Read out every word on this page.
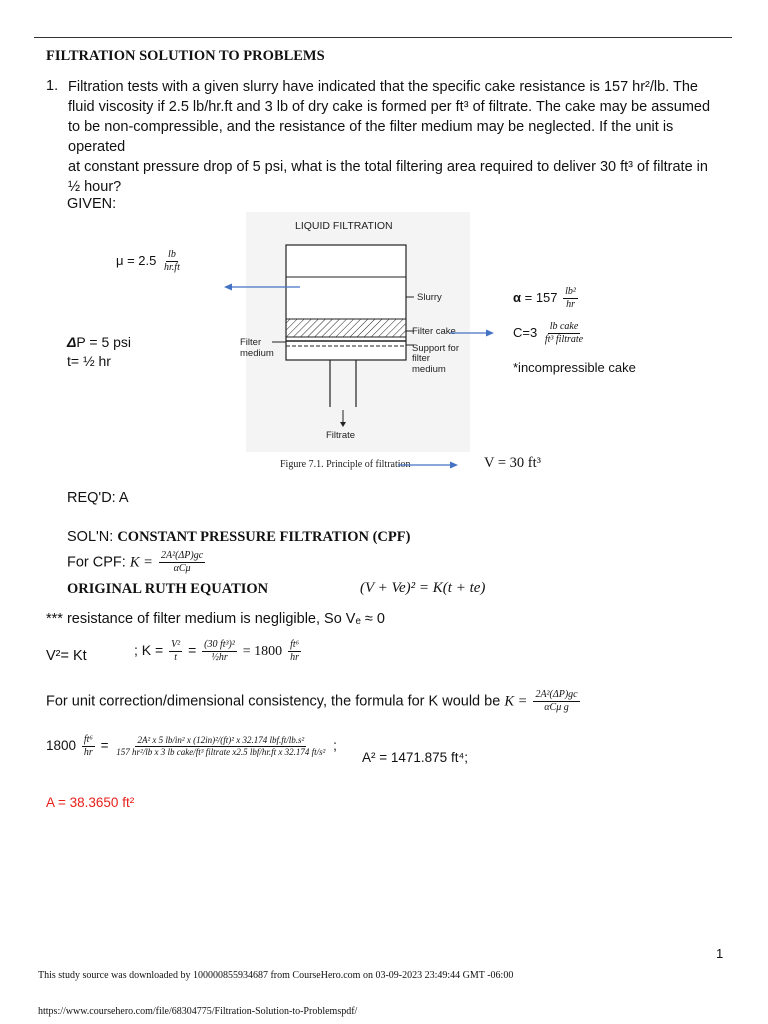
FILTRATION SOLUTION TO PROBLEMS
1. Filtration tests with a given slurry have indicated that the specific cake resistance is 157 hr²/lb. The
fluid viscosity if 2.5 lb/hr.ft and 3 lb of dry cake is formed per ft³ of filtrate. The cake may be assumed
to be non-compressible, and the resistance of the filter medium may be neglected. If the unit is operated
at constant pressure drop of 5 psi, what is the total filtering area required to deliver 30 ft³ of filtrate in
½ hour?
GIVEN:
$\mu = 2.5 \frac{lb}{hr.ft}$
ΔP = 5 psi
t= ½ hr
$\alpha = 157 \frac{\text{lb²}}{hr}$
$C=3 \frac{\text{lb cake}}{\text{ft³ filtrate}}$
*incompressible cake
LIQUID FILTRATION
Slurry
Filter cake
Support for filter medium
Filter medium
Filtrate
Figure 7.1. Principle of filtration	V = 30 ft³
REQ'D: A
SOL'N: CONSTANT PRESSURE FILTRATION (CPF)
For CPF: $K = \frac{\text{2A²(ΔP)gc}}{\text{αCμ}}$
ORIGINAL RUTH EQUATION	(V + Ve)² = K(t + te)
*** resistance of filter medium is negligible, So Vₑ ≈ 0
V²= Kt	; $K = \frac{\text{V²}}{t} = \frac{\text{(30 ft³)²}}{\text{½hr}} = 1800 \frac{\text{ft⁶}}{hr}$
For unit correction/dimensional consistency, the formula for K would be $K = \frac{\text{2A²(ΔP)gc}}{\text{αCμ g}}$
$1800 \frac{\text{ft⁶}}{hr}$ =	2A² x 5 lb/in² x (12in)²/(ft)² x 32.174 lbf.ft/lb.s²
157 hr²/lb x 3 lb cake/ft³ filtrate x2.5 lbf/hr.ft x 32.174 ft/s² ;
A² = 1471.875 ft⁴;
A = 38.3650 ft²
1
This study source was downloaded by 100000855934687 from CourseHero.com on 03-09-2023 23:49:44 GMT -06:00
https://www.coursehero.com/file/68304775/Filtration-Solution-to-Problemspdf/
